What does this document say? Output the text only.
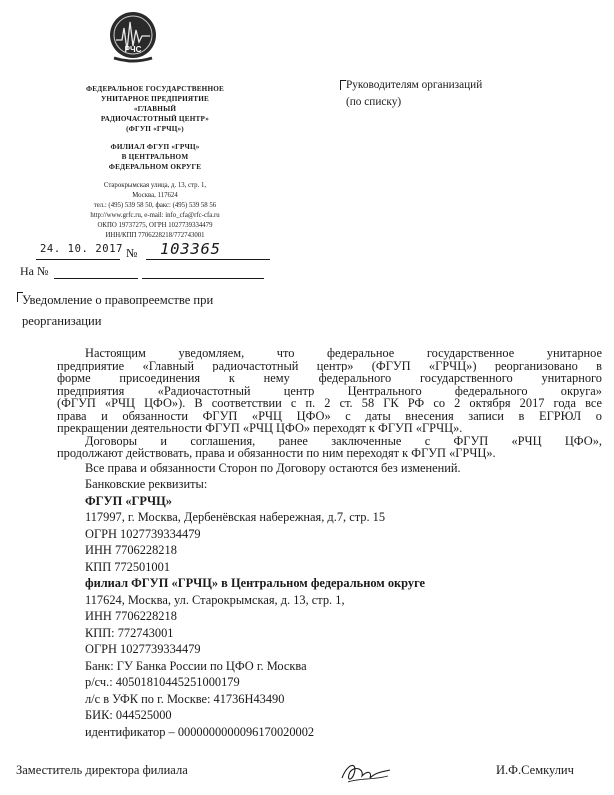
РЧС
ФЕДЕРАЛЬНОЕ ГОСУДАРСТВЕННОЕ
УНИТАРНОЕ ПРЕДПРИЯТИЕ
«ГЛАВНЫЙ
РАДИОЧАСТОТНЫЙ ЦЕНТР»
(ФГУП «ГРЧЦ»)
ФИЛИАЛ ФГУП «ГРЧЦ»
В ЦЕНТРАЛЬНОМ
ФЕДЕРАЛЬНОМ ОКРУГЕ
Старокрымская улица, д. 13, стр. 1,
Москва, 117624
тел.: (495) 539 58 50, факс: (495) 539 58 56
http://www.grfc.ru, e-mail: info_cfa@rfc-cfa.ru
ОКПО 19737275, ОГРН 1027739334479
ИНН/КПП 7706228218/772743001
Руководителям организаций
(по списку)
24. 10. 2017 № 103365
На №
Уведомление о правопреемстве при
реорганизации
Настоящим уведомляем, что федеральное государственное унитарное
предприятие «Главный радиочастотный центр» (ФГУП «ГРЧЦ») реорганизовано в
форме присоединения к нему федерального государственного унитарного
предприятия «Радиочастотный центр Центрального федерального округа»
(ФГУП «РЧЦ ЦФО»). В соответствии с п. 2 ст. 58 ГК РФ со 2 октября 2017 года все
права и обязанности ФГУП «РЧЦ ЦФО» с даты внесения записи в ЕГРЮЛ о
прекращении деятельности ФГУП «РЧЦ ЦФО» переходят к ФГУП «ГРЧЦ».
Договоры и соглашения, ранее заключенные с ФГУП «РЧЦ ЦФО»,
продолжают действовать, права и обязанности по ним переходят к ФГУП «ГРЧЦ».
Все права и обязанности Сторон по Договору остаются без изменений.
Банковские реквизиты:
ФГУП «ГРЧЦ»
117997, г. Москва, Дербенёвская набережная, д.7, стр. 15
ОГРН 1027739334479
ИНН 7706228218
КПП 772501001
филиал ФГУП «ГРЧЦ» в Центральном федеральном округе
117624, Москва, ул. Старокрымская, д. 13, стр. 1,
ИНН 7706228218
КПП: 772743001
ОГРН 1027739334479
Банк: ГУ Банка России по ЦФО г. Москва
р/сч.: 40501810445251000179
л/с в УФК по г. Москве: 41736Н43490
БИК: 044525000
идентификатор – 0000000000096170020002
Заместитель директора филиала	И.Ф.Семкулич
